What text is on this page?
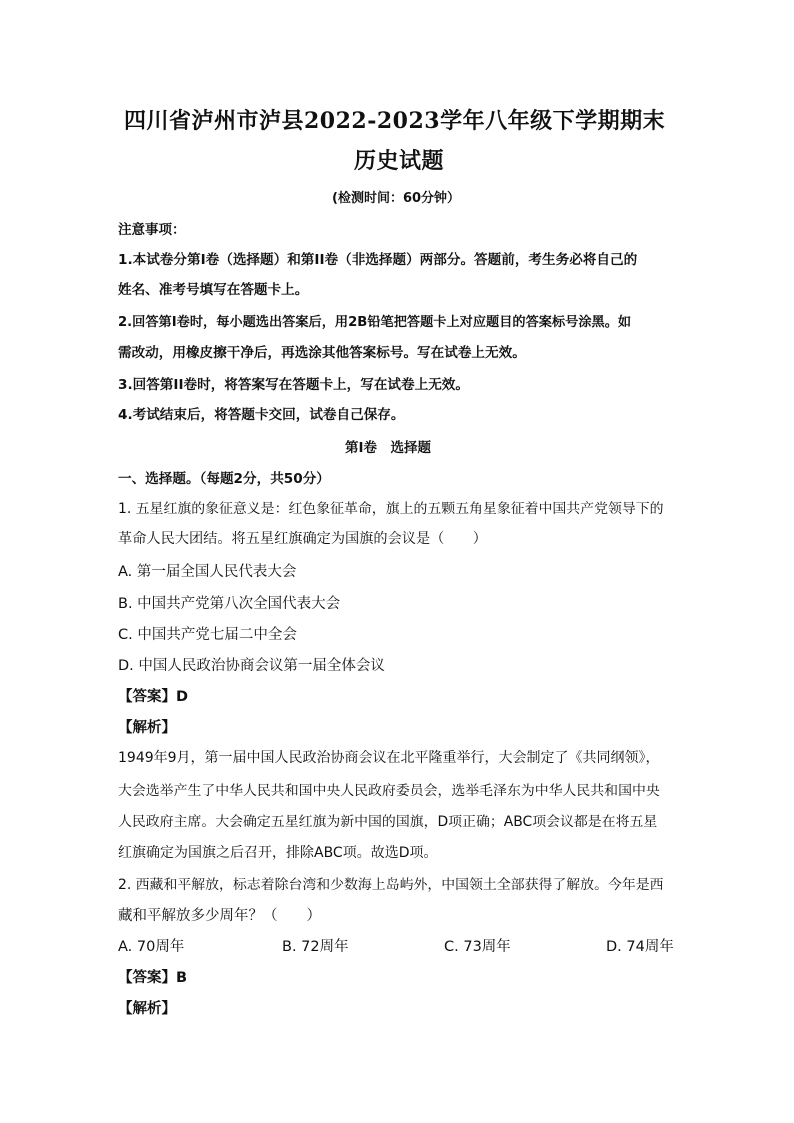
四川省泸州市泸县2022-2023学年八年级下学期期末
历史试题
(检测时间：60分钟）
注意事项：
1.本试卷分第I卷（选择题）和第II卷（非选择题）两部分。答题前，考生务必将自己的
姓名、准考号填写在答题卡上。
2.回答第I卷时，每小题选出答案后，用2B铅笔把答题卡上对应题目的答案标号涂黑。如
需改动，用橡皮擦干净后，再选涂其他答案标号。写在试卷上无效。
3.回答第II卷时，将答案写在答题卡上，写在试卷上无效。
4.考试结束后，将答题卡交回，试卷自己保存。
第I卷　选择题
一、选择题。（每题2分，共50分）
1. 五星红旗的象征意义是：红色象征革命，旗上的五颗五角星象征着中国共产党领导下的
革命人民大团结。将五星红旗确定为国旗的会议是（　　）
A. 第一届全国人民代表大会
B. 中国共产党第八次全国代表大会
C. 中国共产党七届二中全会
D. 中国人民政治协商会议第一届全体会议
【答案】D
【解析】
1949年9月，第一届中国人民政治协商会议在北平隆重举行，大会制定了《共同纲领》，
大会选举产生了中华人民共和国中央人民政府委员会，选举毛泽东为中华人民共和国中央
人民政府主席。大会确定五星红旗为新中国的国旗，D项正确；ABC项会议都是在将五星
红旗确定为国旗之后召开，排除ABC项。故选D项。
2. 西藏和平解放，标志着除台湾和少数海上岛屿外，中国领土全部获得了解放。今年是西
藏和平解放多少周年？（　　）
A. 70周年	B. 72周年	C. 73周年	D. 74周年
【答案】B
【解析】
